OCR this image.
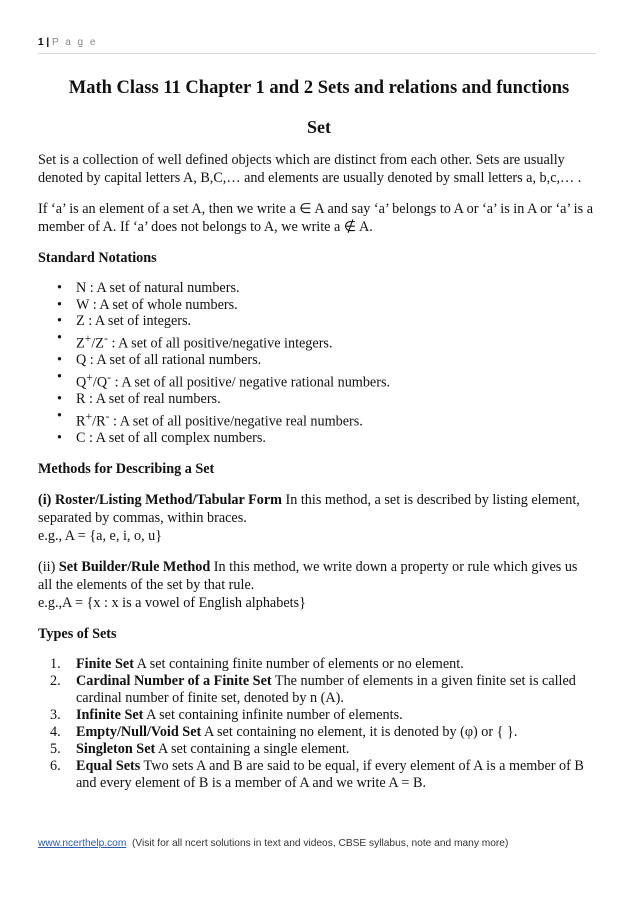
1 | P a g e
Math Class 11 Chapter 1 and 2 Sets and relations and functions
Set

Set is a collection of well defined objects which are distinct from each other. Sets are usually denoted by capital letters A, B,C,… and elements are usually denoted by small letters a, b,c,… .

If ‘a’ is an element of a set A, then we write a ∈ A and say ‘a’ belongs to A or ‘a’ is in A or ‘a’ is a member of A. If ‘a’ does not belongs to A, we write a ∉ A.

Standard Notations
• N : A set of natural numbers.
• W : A set of whole numbers.
• Z : A set of integers.
• Z+/Z- : A set of all positive/negative integers.
• Q : A set of all rational numbers.
• Q+/Q- : A set of all positive/ negative rational numbers.
• R : A set of real numbers.
• R+/R- : A set of all positive/negative real numbers.
• C : A set of all complex numbers.
Methods for Describing a Set

(i) Roster/Listing Method/Tabular Form In this method, a set is described by listing element, separated by commas, within braces.
e.g., A = {a, e, i, o, u}

(ii) Set Builder/Rule Method In this method, we write down a property or rule which gives us all the elements of the set by that rule.
e.g.,A = {x : x is a vowel of English alphabets}

Types of Sets
1. Finite Set A set containing finite number of elements or no element.
2. Cardinal Number of a Finite Set The number of elements in a given finite set is called cardinal number of finite set, denoted by n (A).
3. Infinite Set A set containing infinite number of elements.
4. Empty/Null/Void Set A set containing no element, it is denoted by (φ) or { }.
5. Singleton Set A set containing a single element.
6. Equal Sets Two sets A and B are said to be equal, if every element of A is a member of B and every element of B is a member of A and we write A = B.
www.ncerthelp.com  (Visit for all ncert solutions in text and videos, CBSE syllabus, note and many more)
